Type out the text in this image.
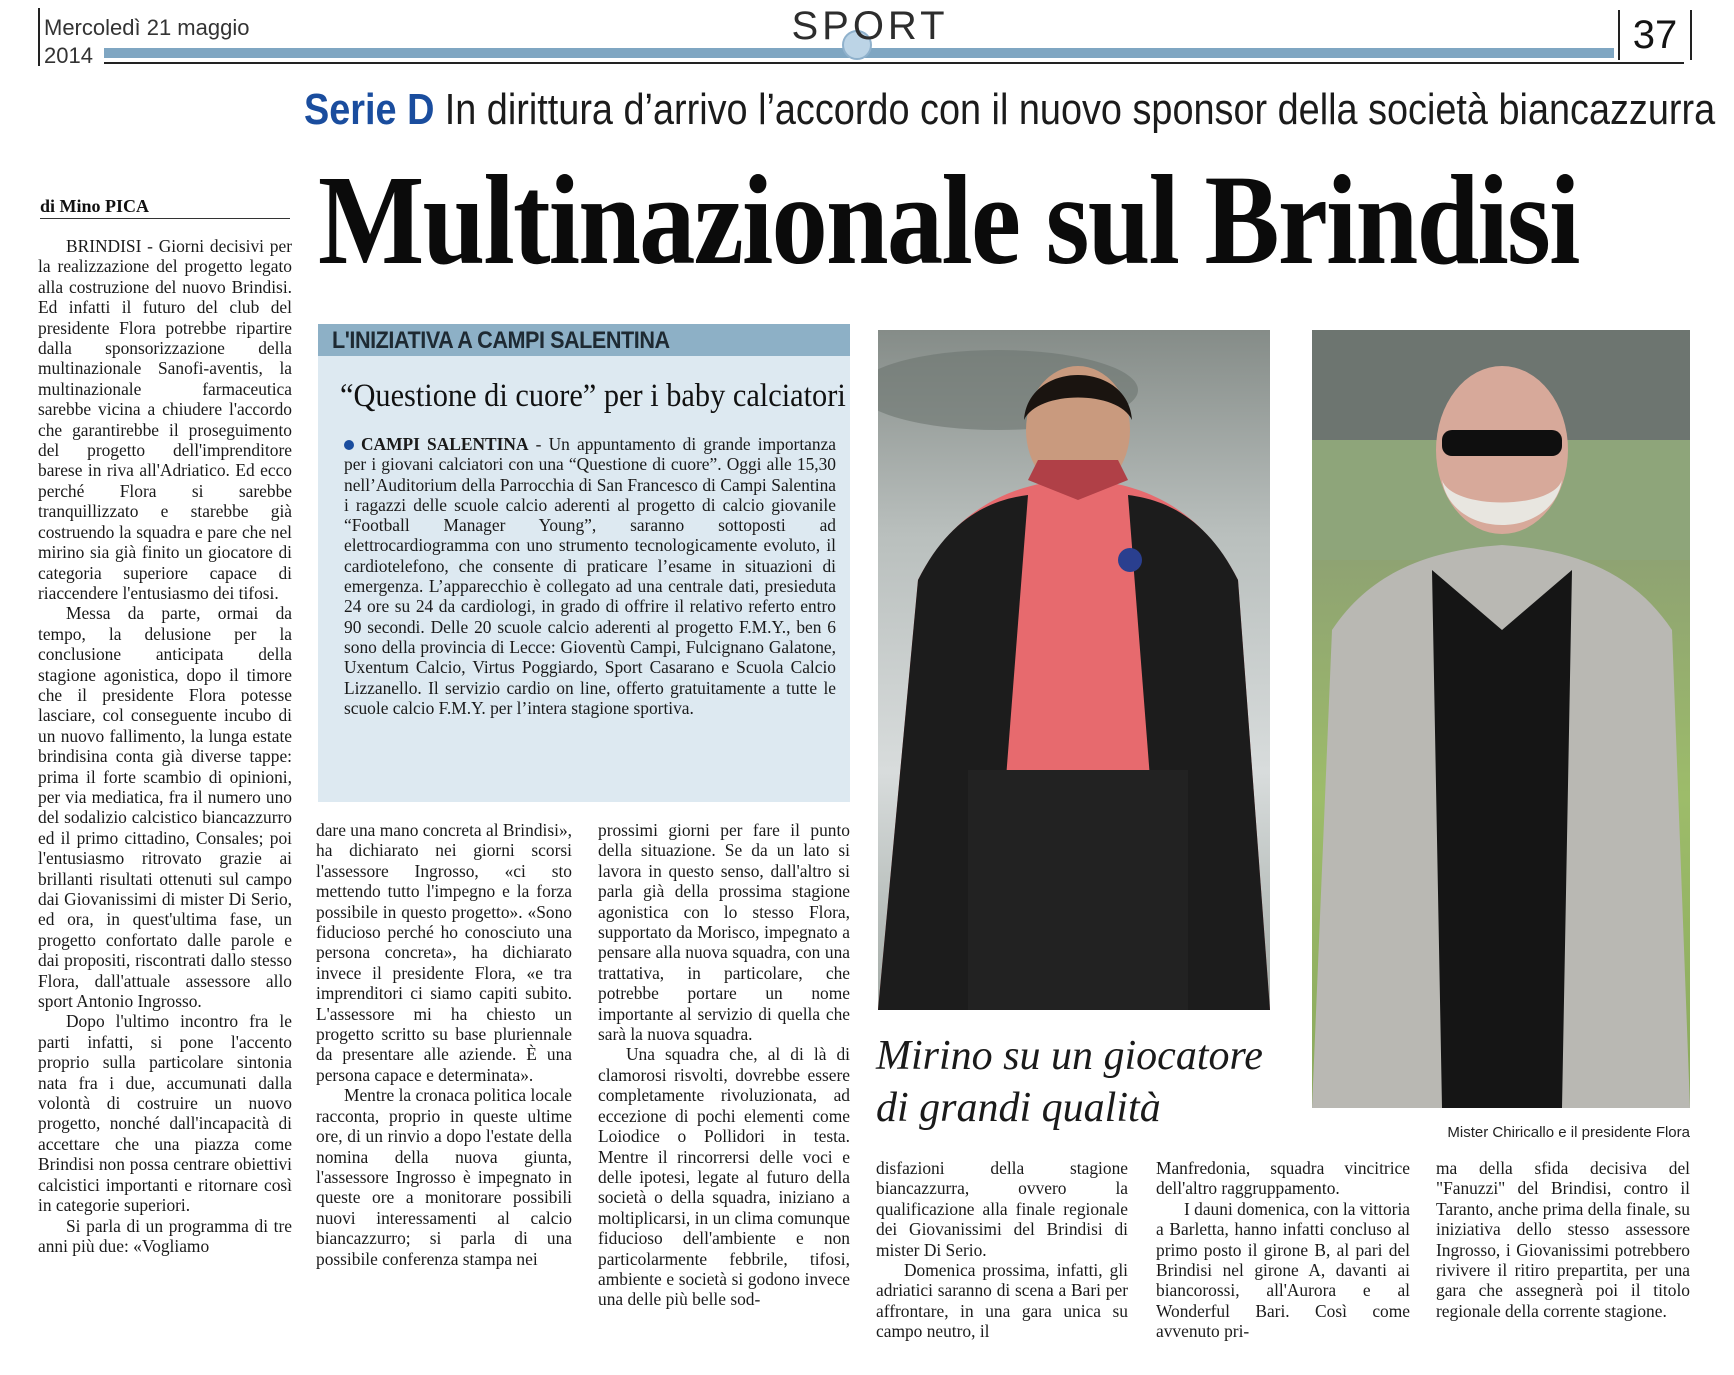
Mercoledì 21 maggio
2014
SPORT	37
Serie D In dirittura d’arrivo l’accordo con il nuovo sponsor della società biancazzurra
Multinazionale sul Brindisi
di Mino PICA

BRINDISI - Giorni decisivi per la realizzazione del progetto legato alla costruzione del nuovo Brindisi. Ed infatti il futuro del club del presidente Flora potrebbe ripartire dalla sponsorizzazione della multinazionale Sanofi-aventis, la multinazionale farmaceutica sarebbe vicina a chiudere l'accordo che garantirebbe il proseguimento del progetto dell'imprenditore barese in riva all'Adriatico. Ed ecco perché Flora si sarebbe tranquillizzato e starebbe già costruendo la squadra e pare che nel mirino sia già finito un giocatore di categoria superiore capace di riaccendere l'entusiasmo dei tifosi.

Messa da parte, ormai da tempo, la delusione per la conclusione anticipata della stagione agonistica, dopo il timore che il presidente Flora potesse lasciare, col conseguente incubo di un nuovo fallimento, la lunga estate brindisina conta già diverse tappe: prima il forte scambio di opinioni, per via mediatica, fra il numero uno del sodalizio calcistico biancazzurro ed il primo cittadino, Consales; poi l'entusiasmo ritrovato grazie ai brillanti risultati ottenuti sul campo dai Giovanissimi di mister Di Serio, ed ora, in quest'ultima fase, un progetto confortato dalle parole e dai propositi, riscontrati dallo stesso Flora, dall'attuale assessore allo sport Antonio Ingrosso.

Dopo l'ultimo incontro fra le parti infatti, si pone l'accento proprio sulla particolare sintonia nata fra i due, accumunati dalla volontà di costruire un nuovo progetto, nonché dall'incapacità di accettare che una piazza come Brindisi non possa centrare obiettivi calcistici importanti e ritornare così in categorie superiori.

Si parla di un programma di tre anni più due: «Vogliamo

L'INIZIATIVA A CAMPI SALENTINA
“Questione di cuore” per i baby calciatori
CAMPI SALENTINA - Un appuntamento di grande importanza per i giovani calciatori con una “Questione di cuore”. Oggi alle 15,30 nell’Auditorium della Parrocchia di San Francesco di Campi Salentina i ragazzi delle scuole calcio aderenti al progetto di calcio giovanile “Football Manager Young”, saranno sottoposti ad elettrocardiogramma con uno strumento tecnologicamente evoluto, il cardiotelefono, che consente di praticare l’esame in situazioni di emergenza. L’apparecchio è collegato ad una centrale dati, presieduta 24 ore su 24 da cardiologi, in grado di offrire il relativo referto entro 90 secondi. Delle 20 scuole calcio aderenti al progetto F.M.Y., ben 6 sono della provincia di Lecce: Gioventù Campi, Fulcignano Galatone, Uxentum Calcio, Virtus Poggiardo, Sport Casarano e Scuola Calcio Lizzanello. Il servizio cardio on line, offerto gratuitamente a tutte le scuole calcio F.M.Y. per l’intera stagione sportiva.

dare una mano concreta al Brindisi», ha dichiarato nei giorni scorsi l'assessore Ingrosso, «ci sto mettendo tutto l'impegno e la forza possibile in questo progetto». «Sono fiducioso perché ho conosciuto una persona concreta», ha dichiarato invece il presidente Flora, «e tra imprenditori ci siamo capiti subito. L'assessore mi ha chiesto un progetto scritto su base pluriennale da presentare alle aziende. È una persona capace e determinata».

Mentre la cronaca politica locale racconta, proprio in queste ultime ore, di un rinvio a dopo l'estate della nomina della nuova giunta, l'assessore Ingrosso è impegnato in queste ore a monitorare possibili nuovi interessamenti al calcio biancazzurro; si parla di una possibile conferenza stampa nei

prossimi giorni per fare il punto della situazione. Se da un lato si lavora in questo senso, dall'altro si parla già della prossima stagione agonistica con lo stesso Flora, supportato da Morisco, impegnato a pensare alla nuova squadra, con una trattativa, in particolare, che potrebbe portare un nome importante al servizio di quella che sarà la nuova squadra.

Una squadra che, al di là di clamorosi risvolti, dovrebbe essere completamente rivoluzionata, ad eccezione di pochi elementi come Loiodice o Pollidori in testa. Mentre il rincorrersi delle voci e delle ipotesi, legate al futuro della società o della squadra, iniziano a moltiplicarsi, in un clima comunque fiducioso dell'ambiente e non particolarmente febbrile, tifosi, ambiente e società si godono invece una delle più belle sod-

Mirino su un giocatore di grandi qualità
Mister Chiricallo e il presidente Flora

disfazioni della stagione biancazzurra, ovvero la qualificazione alla finale regionale dei Giovanissimi del Brindisi di mister Di Serio.

Domenica prossima, infatti, gli adriatici saranno di scena a Bari per affrontare, in una gara unica su campo neutro, il

Manfredonia, squadra vincitrice dell'altro raggruppamento.

I dauni domenica, con la vittoria a Barletta, hanno infatti concluso al primo posto il girone B, al pari del Brindisi nel girone A, davanti ai biancorossi, all'Aurora e al Wonderful Bari. Così come avvenuto pri-

ma della sfida decisiva del "Fanuzzi" del Brindisi, contro il Taranto, anche prima della finale, su iniziativa dello stesso assessore Ingrosso, i Giovanissimi potrebbero rivivere il ritiro prepartita, per una gara che assegnerà poi il titolo regionale della corrente stagione.
